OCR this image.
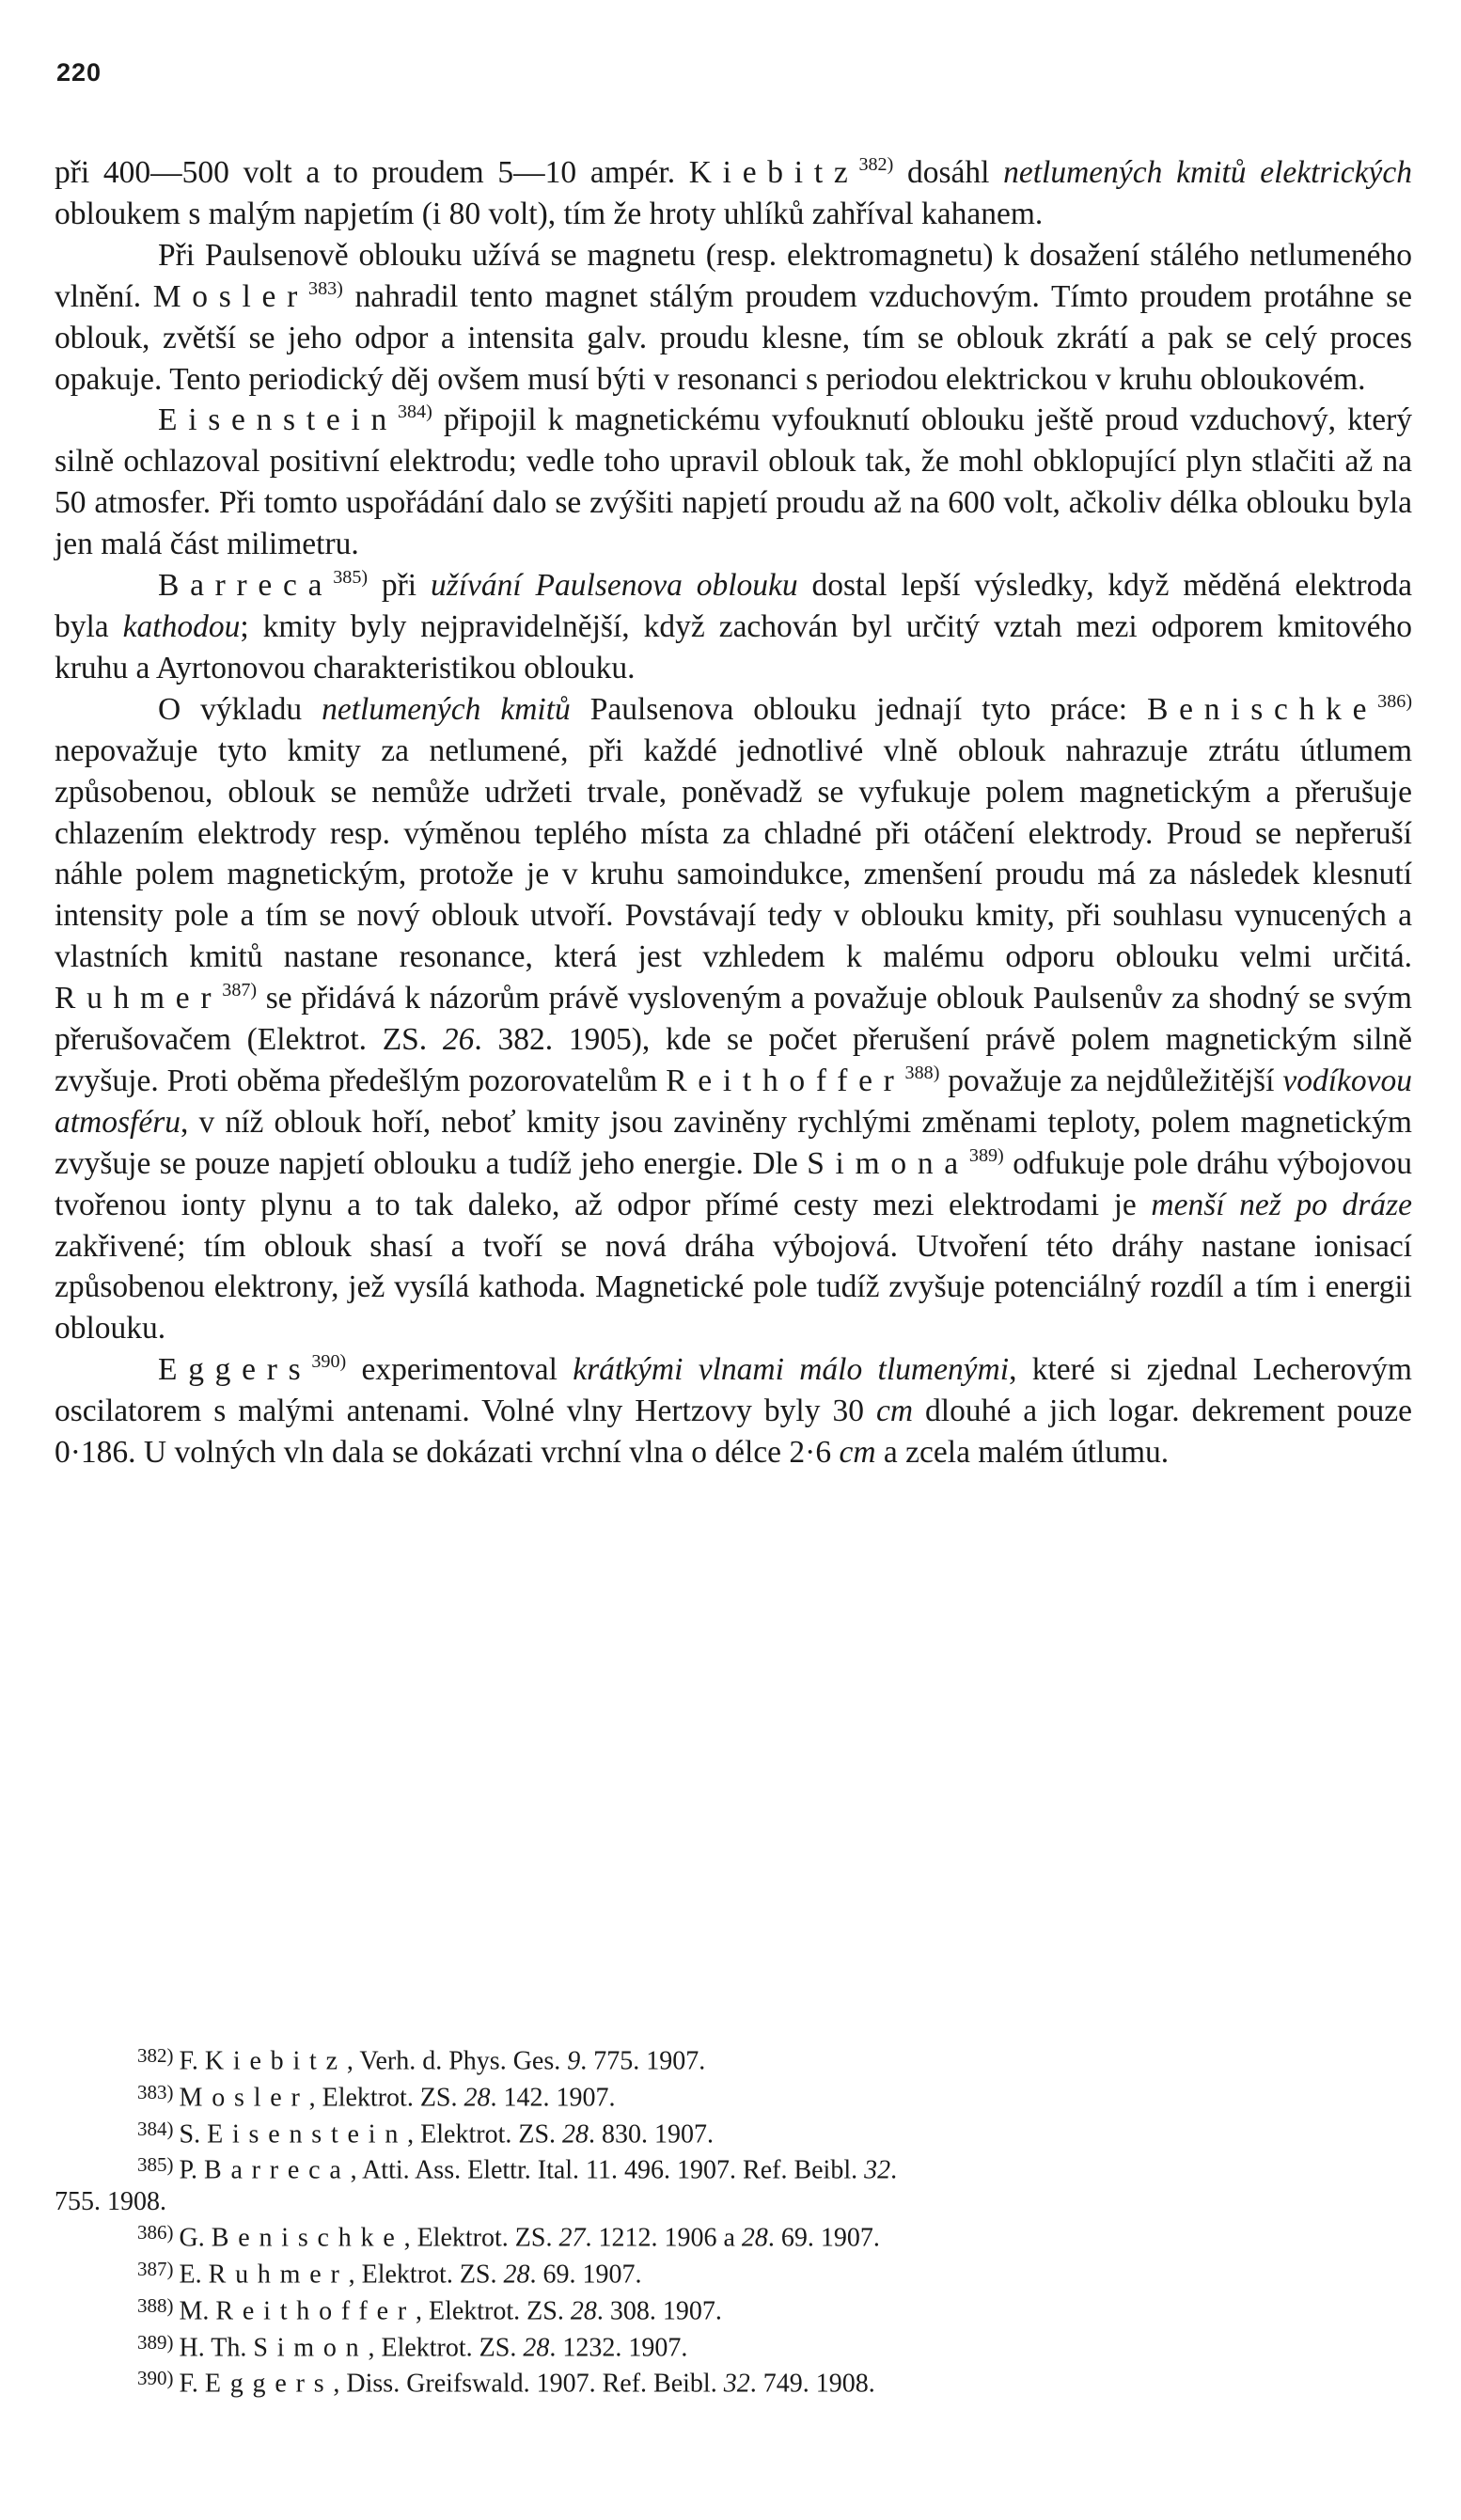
220

při 400—500 volt a to proudem 5—10 ampér. Kiebitz$^{382)}$ dosáhl netlumených kmitů elektrických obloukem s malým napjetím (i 80 volt), tím že hroty uhlíků zahříval kahanem.

Při Paulsenově oblouku užívá se magnetu (resp. elektromagnetu) k dosažení stálého netlumeného vlnění. Mosler$^{383)}$ nahradil tento magnet stálým proudem vzduchovým. Tímto proudem protáhne se oblouk, zvětší se jeho odpor a intensita galv. proudu klesne, tím se oblouk zkrátí a pak se celý proces opakuje. Tento periodický děj ovšem musí býti v resonanci s periodou elektrickou v kruhu obloukovém.

Eisenstein$^{384)}$ připojil k magnetickému vyfouknutí oblouku ještě proud vzduchový, který silně ochlazoval positivní elektrodu; vedle toho upravil oblouk tak, že mohl obklopující plyn stlačiti až na 50 atmosfer. Při tomto uspořádání dalo se zvýšiti napjetí proudu až na 600 volt, ačkoliv délka oblouku byla jen malá část milimetru.

Barreca$^{385)}$ při užívání Paulsenova oblouku dostal lepší výsledky, když měděná elektroda byla kathodou; kmity byly nejpravidelnější, když zachován byl určitý vztah mezi odporem kmitového kruhu a Ayrtonovou charakteristikou oblouku.

O výkladu netlumených kmitů Paulsenova oblouku jednají tyto práce: Benischke$^{386)}$ nepovažuje tyto kmity za netlumené, při každé jednotlivé vlně oblouk nahrazuje ztrátu útlumem způsobenou, oblouk se nemůže udržeti trvale, poněvadž se vyfukuje polem magnetickým a přerušuje chlazením elektrody resp. výměnou teplého místa za chladné při otáčení elektrody. Proud se nepřeruší náhle polem magnetickým, protože je v kruhu samoindukce, zmenšení proudu má za následek klesnutí intensity pole a tím se nový oblouk utvoří. Povstávají tedy v oblouku kmity, při souhlasu vynucených a vlastních kmitů nastane resonance, která jest vzhledem k malému odporu oblouku velmi určitá. Ruhmer$^{387)}$ se přidává k názorům právě vysloveným a považuje oblouk Paulsenův za shodný se svým přerušovačem (Elektrot. ZS. 26. 382. 1905), kde se počet přerušení právě polem magnetickým silně zvyšuje. Proti oběma předešlým pozorovatelům Reithoffer$^{388)}$ považuje za nejdůležitější vodíkovou atmosféru, v níž oblouk hoří, neboť kmity jsou zaviněny rychlými změnami teploty, polem magnetickým zvyšuje se pouze napjetí oblouku a tudíž jeho energie. Dle Simona$^{389)}$ odfukuje pole dráhu výbojovou tvořenou ionty plynu a to tak daleko, až odpor přímé cesty mezi elektrodami je menší než po dráze zakřivené; tím oblouk shasí a tvoří se nová dráha výbojová. Utvoření této dráhy nastane ionisací způsobenou elektrony, jež vysílá kathoda. Magnetické pole tudíž zvyšuje potenciálný rozdíl a tím i energii oblouku.

Eggers$^{390)}$ experimentoval krátkými vlnami málo tlumenými, které si zjednal Lecherovým oscilatorem s malými antenami. Volné vlny Hertzovy byly 30 cm dlouhé a jich logar. dekrement pouze 0·186. U volných vln dala se dokázati vrchní vlna o délce 2·6 cm a zcela malém útlumu.

$^{382)}$ F. Kiebitz, Verh. d. Phys. Ges. 9. 775. 1907.

$^{383)}$ Mosler, Elektrot. ZS. 28. 142. 1907.

$^{384)}$ S. Eisenstein, Elektrot. ZS. 28. 830. 1907.

$^{385)}$ P. Barreca, Atti. Ass. Elettr. Ital. 11. 496. 1907. Ref. Beibl. 32.

755. 1908.

$^{386)}$ G. Benischke, Elektrot. ZS. 27. 1212. 1906 a 28. 69. 1907.

$^{387)}$ E. Ruhmer, Elektrot. ZS. 28. 69. 1907.

$^{388)}$ M. Reithoffer, Elektrot. ZS. 28. 308. 1907.

$^{389)}$ H. Th. Simon, Elektrot. ZS. 28. 1232. 1907.

$^{390)}$ F. Eggers, Diss. Greifswald. 1907. Ref. Beibl. 32. 749. 1908.
